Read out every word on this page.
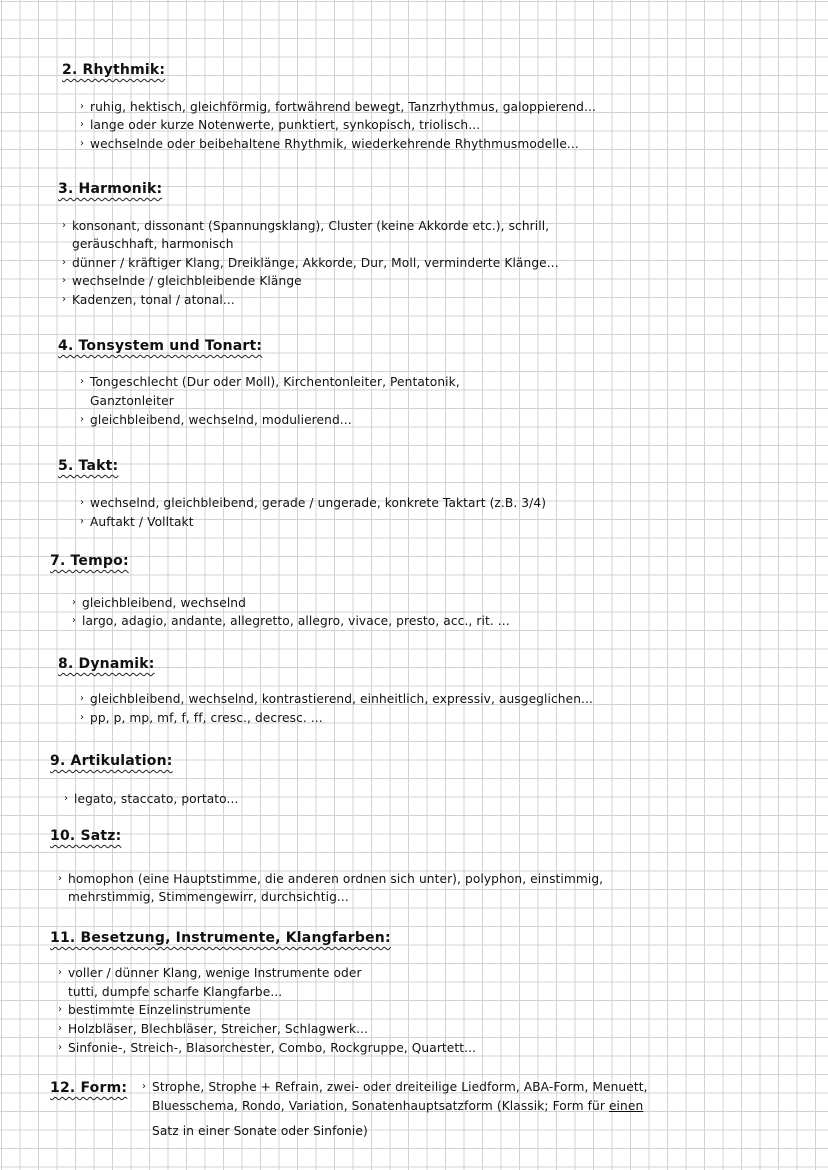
2. Rhythmik:
› ruhig, hektisch, gleichförmig, fortwährend bewegt, Tanzrhythmus, galoppierend...
› lange oder kurze Notenwerte, punktiert, synkopisch, triolisch...
› wechselnde oder beibehaltene Rhythmik, wiederkehrende Rhythmusmodelle...
3. Harmonik:
› konsonant, dissonant (Spannungsklang), Cluster (keine Akkorde etc.), schrill,
geräuschhaft, harmonisch
› dünner / kräftiger Klang, Dreiklänge, Akkorde, Dur, Moll, verminderte Klänge...
› wechselnde / gleichbleibende Klänge
› Kadenzen, tonal / atonal...
4. Tonsystem und Tonart:
› Tongeschlecht (Dur oder Moll), Kirchentonleiter, Pentatonik,
Ganztonleiter
› gleichbleibend, wechselnd, modulierend...
5. Takt:
› wechselnd, gleichbleibend, gerade / ungerade, konkrete Taktart (z.B. 3/4)
› Auftakt / Volltakt
7. Tempo:
› gleichbleibend, wechselnd
› largo, adagio, andante, allegretto, allegro, vivace, presto, acc., rit. ...
8. Dynamik:
› gleichbleibend, wechselnd, kontrastierend, einheitlich, expressiv, ausgeglichen...
› pp, p, mp, mf, f, ff, cresc., decresc. ...
9. Artikulation:
› legato, staccato, portato...
10. Satz:
› homophon (eine Hauptstimme, die anderen ordnen sich unter), polyphon, einstimmig,
mehrstimmig, Stimmengewirr, durchsichtig...
11. Besetzung, Instrumente, Klangfarben:
› voller / dünner Klang, wenige Instrumente oder
tutti, dumpfe scharfe Klangfarbe...
› bestimmte Einzelinstrumente
› Holzbläser, Blechbläser, Streicher, Schlagwerk...
› Sinfonie-, Streich-, Blasorchester, Combo, Rockgruppe, Quartett...
12. Form: › Strophe, Strophe + Refrain, zwei- oder dreiteilige Liedform, ABA-Form, Menuett,
Bluesschema, Rondo, Variation, Sonatenhauptsatzform (Klassik; Form für einen
Satz in einer Sonate oder Sinfonie)
